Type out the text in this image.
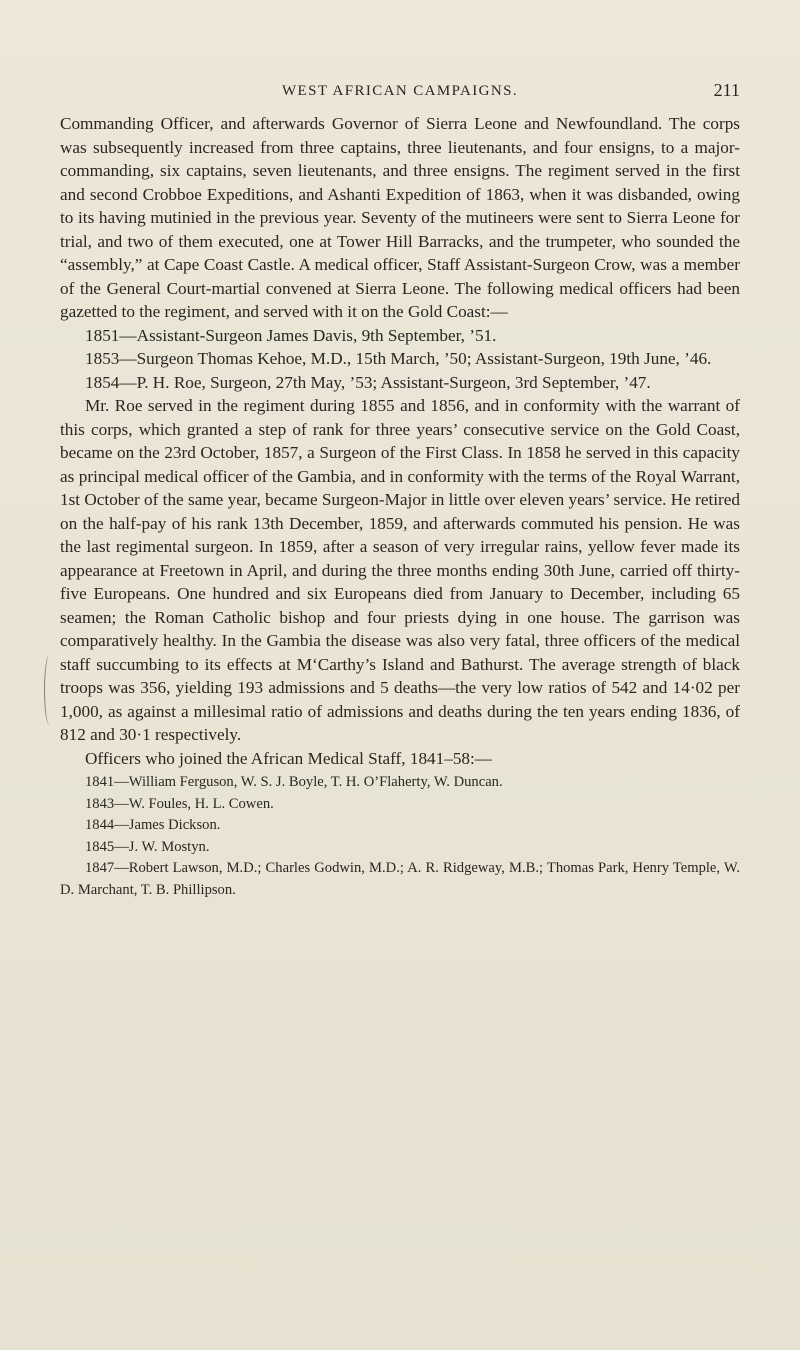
WEST AFRICAN CAMPAIGNS.	211

Commanding Officer, and afterwards Governor of Sierra Leone and Newfoundland. The corps was subsequently increased from three captains, three lieutenants, and four ensigns, to a major-commanding, six captains, seven lieutenants, and three ensigns. The regiment served in the first and second Crobboe Expeditions, and Ashanti Expedition of 1863, when it was disbanded, owing to its having mutinied in the previous year. Seventy of the mutineers were sent to Sierra Leone for trial, and two of them executed, one at Tower Hill Barracks, and the trumpeter, who sounded the “assembly,” at Cape Coast Castle. A medical officer, Staff Assistant-Surgeon Crow, was a member of the General Court-martial convened at Sierra Leone. The following medical officers had been gazetted to the regiment, and served with it on the Gold Coast:—

1851—Assistant-Surgeon James Davis, 9th September, ’51.

1853—Surgeon Thomas Kehoe, M.D., 15th March, ’50; Assistant-Surgeon, 19th June, ’46.

1854—P. H. Roe, Surgeon, 27th May, ’53; Assistant-Surgeon, 3rd September, ’47.

Mr. Roe served in the regiment during 1855 and 1856, and in conformity with the warrant of this corps, which granted a step of rank for three years’ consecutive service on the Gold Coast, became on the 23rd October, 1857, a Surgeon of the First Class. In 1858 he served in this capacity as principal medical officer of the Gambia, and in conformity with the terms of the Royal Warrant, 1st October of the same year, became Surgeon-Major in little over eleven years’ service. He retired on the half-pay of his rank 13th December, 1859, and afterwards commuted his pension. He was the last regimental surgeon. In 1859, after a season of very irregular rains, yellow fever made its appearance at Freetown in April, and during the three months ending 30th June, carried off thirty-five Europeans. One hundred and six Europeans died from January to December, including 65 seamen; the Roman Catholic bishop and four priests dying in one house. The garrison was comparatively healthy. In the Gambia the disease was also very fatal, three officers of the medical staff succumbing to its effects at M‘Carthy’s Island and Bathurst. The average strength of black troops was 356, yielding 193 admissions and 5 deaths—the very low ratios of 542 and 14·02 per 1,000, as against a millesimal ratio of admissions and deaths during the ten years ending 1836, of 812 and 30·1 respectively.

Officers who joined the African Medical Staff, 1841–58:—

1841—William Ferguson, W. S. J. Boyle, T. H. O’Flaherty, W. Duncan.

1843—W. Foules, H. L. Cowen.

1844—James Dickson.

1845—J. W. Mostyn.

1847—Robert Lawson, M.D.; Charles Godwin, M.D.; A. R. Ridgeway, M.B.; Thomas Park, Henry Temple, W. D. Marchant, T. B. Phillipson.
